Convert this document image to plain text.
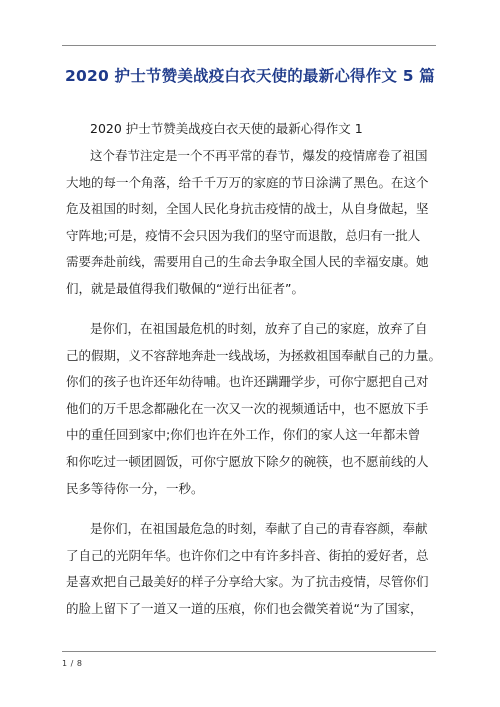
2020 护士节赞美战疫白衣天使的最新心得作文 5 篇
2020 护士节赞美战疫白衣天使的最新心得作文 1
这个春节注定是一个不再平常的春节，爆发的疫情席卷了祖国
大地的每一个角落，给千千万万的家庭的节日涂满了黑色。在这个
危及祖国的时刻，全国人民化身抗击疫情的战士，从自身做起，坚
守阵地;可是，疫情不会只因为我们的坚守而退散，总归有一批人
需要奔赴前线，需要用自己的生命去争取全国人民的幸福安康。她
们，就是最值得我们敬佩的“逆行出征者”。
是你们，在祖国最危机的时刻，放弃了自己的家庭，放弃了自
己的假期，义不容辞地奔赴一线战场，为拯救祖国奉献自己的力量。
你们的孩子也许还年幼待哺。也许还蹒跚学步，可你宁愿把自己对
他们的万千思念都融化在一次又一次的视频通话中，也不愿放下手
中的重任回到家中;你们也许在外工作，你们的家人这一年都未曾
和你吃过一顿团圆饭，可你宁愿放下除夕的碗筷，也不愿前线的人
民多等待你一分，一秒。
是你们，在祖国最危急的时刻，奉献了自己的青春容颜，奉献
了自己的光阴年华。也许你们之中有许多抖音、街拍的爱好者，总
是喜欢把自己最美好的样子分享给大家。为了抗击疫情，尽管你们
的脸上留下了一道又一道的压痕，你们也会微笑着说“为了国家，
1 / 8
